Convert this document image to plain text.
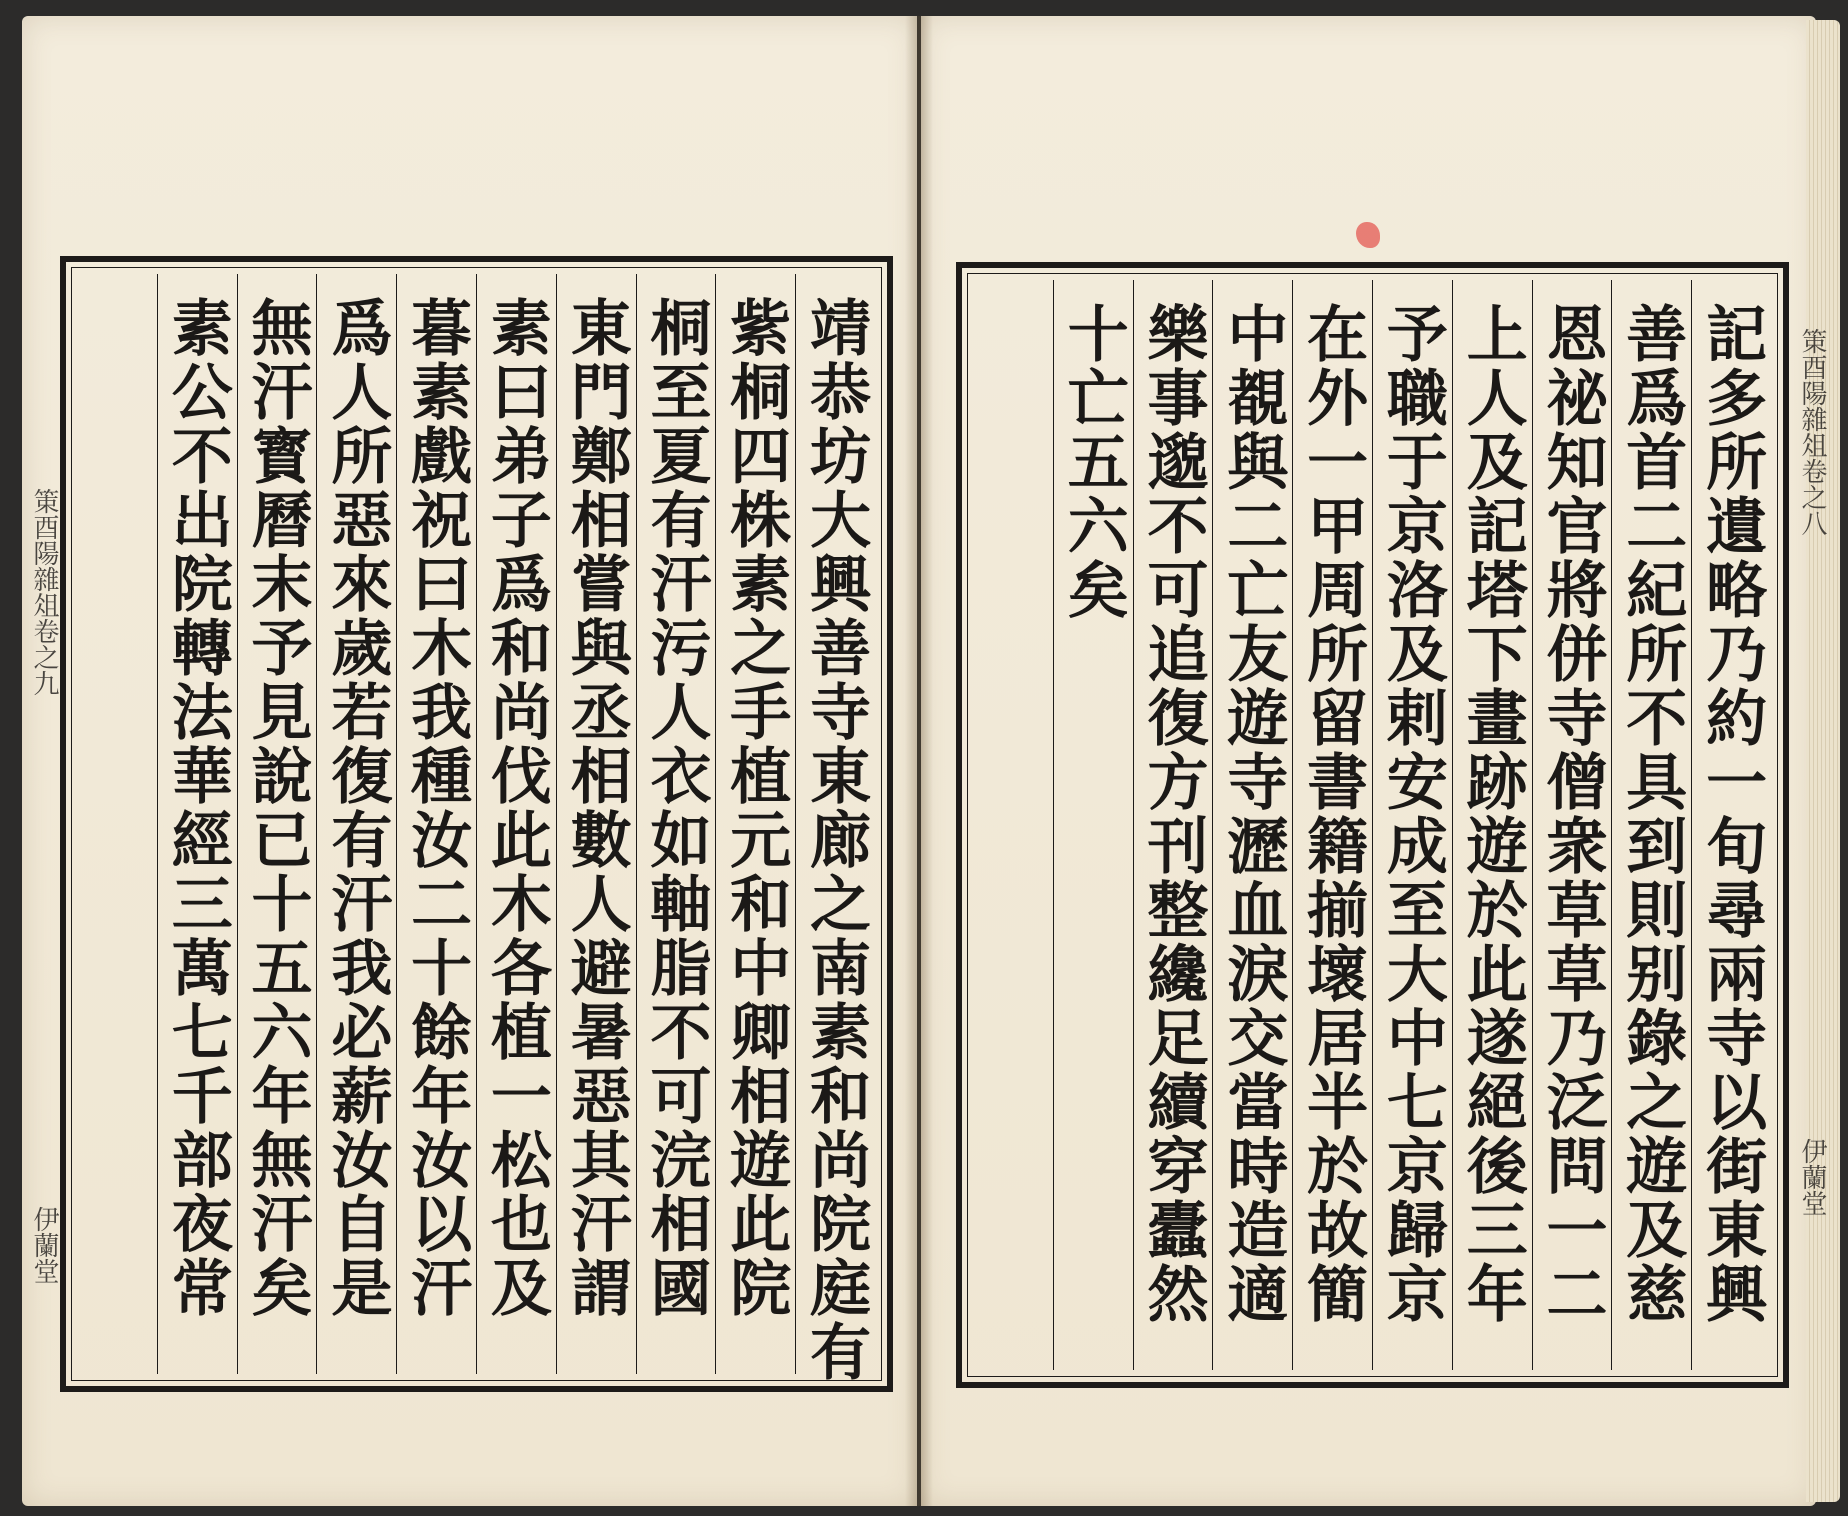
䇿酉陽雜俎卷之九
伊蘭堂
䇿酉陽雜俎卷之八
伊蘭堂
靖恭坊大興善寺東廊之南素和尚院庭有
紫桐四株素之手植元和中卿相遊此院
桐至夏有汗污人衣如軸脂不可浣相國
東門鄭相嘗與丞相數人避暑惡其汗謂
素曰弟子爲和尚伐此木各植一松也及
暮素戲祝曰木我種汝二十餘年汝以汗
爲人所惡來歲若復有汗我必薪汝自是
無汗寳曆末予見說已十五六年無汗矣
素公不出院轉法華經三萬七千部夜常	記多所遺略乃約一旬尋兩寺以街東興
善爲首二紀所不具到則别錄之遊及慈
恩祕知官將併寺僧衆草草乃泛問一二
上人及記塔下畫跡遊於此遂絕後三年
予職于京洛及剌安成至大中七京歸京
在外一甲周所留書籍揃壞居半於故簡
中覩與二亡友遊寺瀝血淚交當時造適
樂事邈不可追復方刊整纔足續穿蠹然
十亡五六矣
